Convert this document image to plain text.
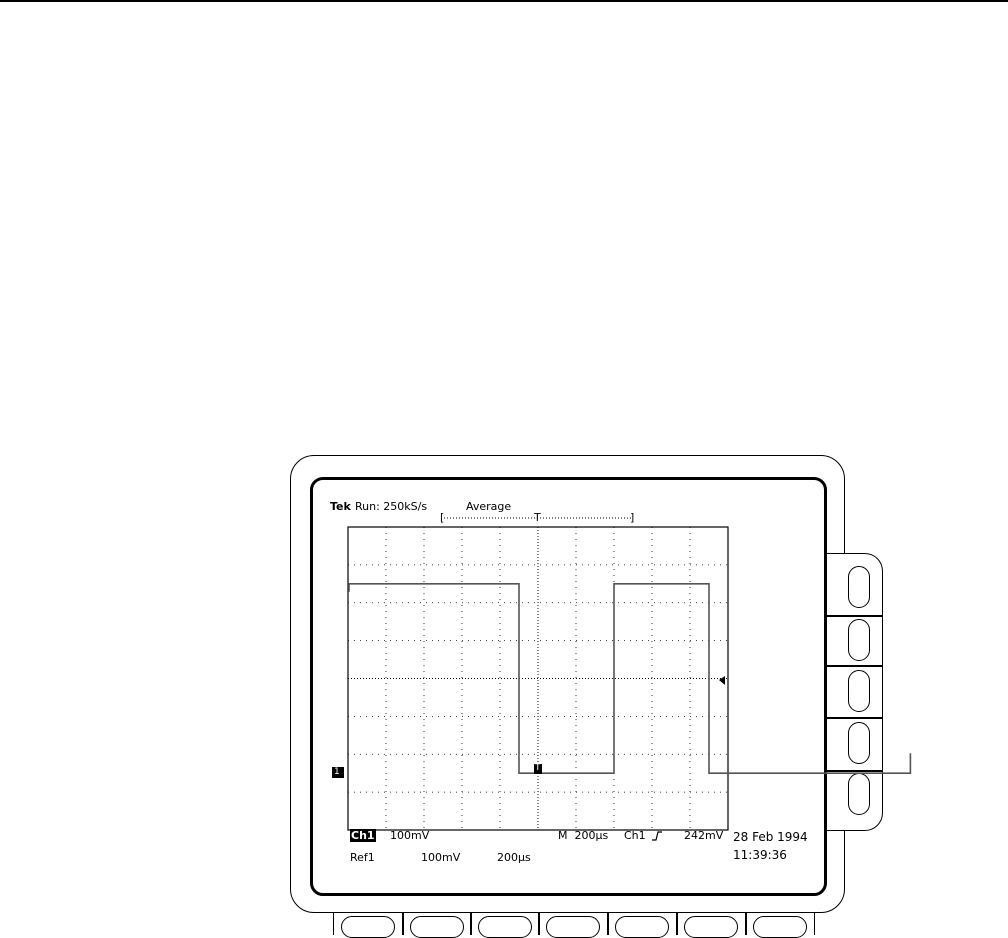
Tek Run: 250kS/s	Average
[	]
T
1	T
Ch1 100mV	M  200µs Ch1	242mV 28 Feb 1994
11:39:36
Ref1	100mV	200µs
